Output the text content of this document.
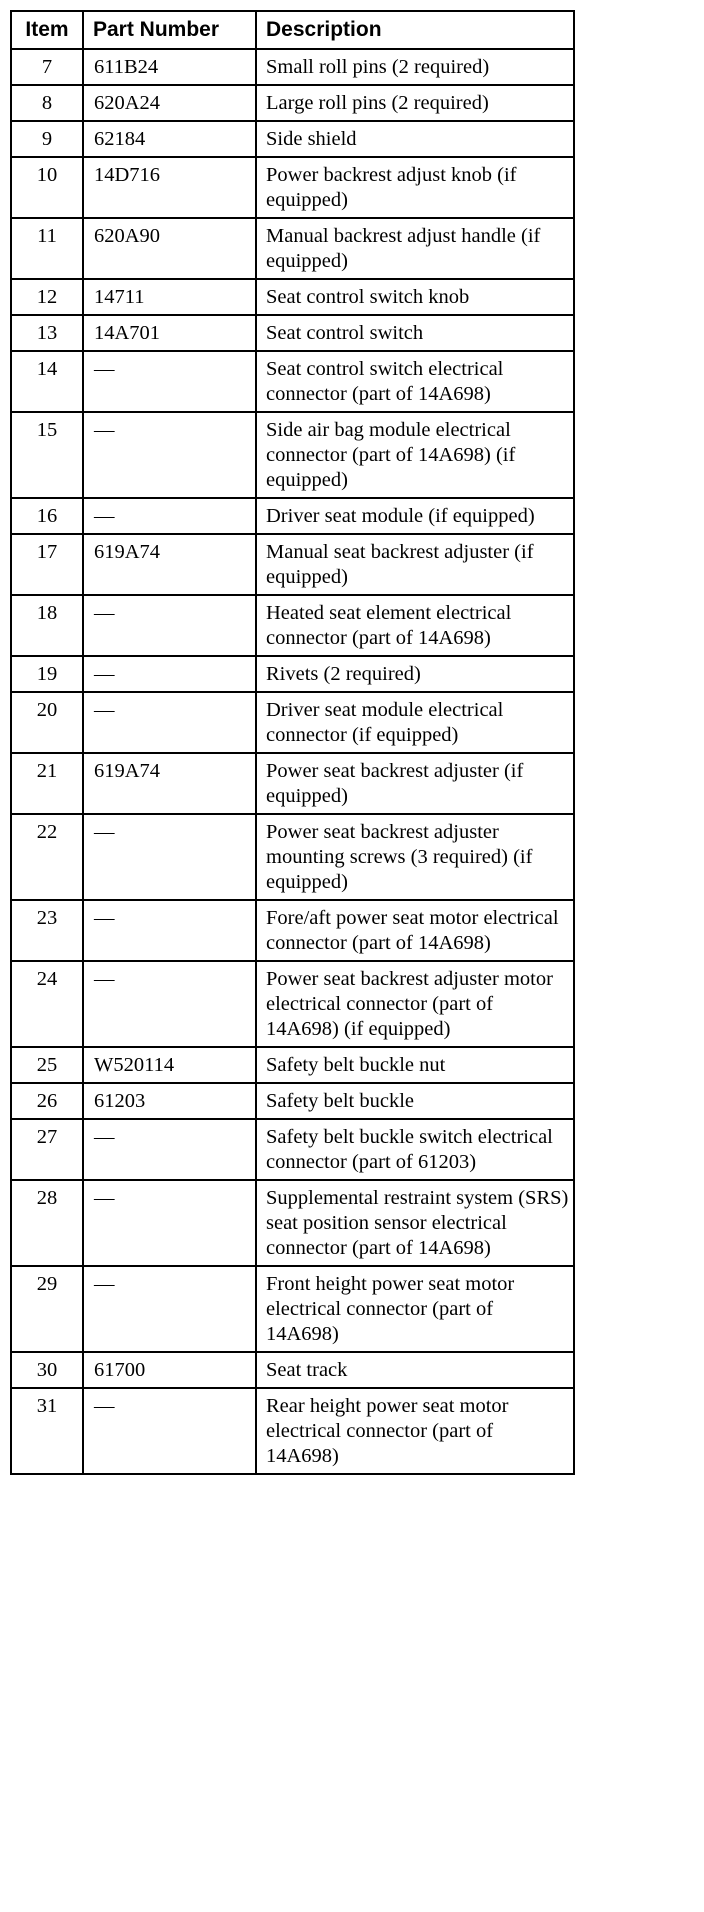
Item	Part Number	Description
7	611B24	Small roll pins (2 required)
8	620A24	Large roll pins (2 required)
9	62184	Side shield
10	14D716	Power backrest adjust knob (if equipped)
11	620A90	Manual backrest adjust handle (if equipped)
12	14711	Seat control switch knob
13	14A701	Seat control switch
14	—	Seat control switch electrical connector (part of 14A698)
15	—	Side air bag module electrical connector (part of 14A698) (if equipped)
16	—	Driver seat module (if equipped)
17	619A74	Manual seat backrest adjuster (if equipped)
18	—	Heated seat element electrical connector (part of 14A698)
19	—	Rivets (2 required)
20	—	Driver seat module electrical connector (if equipped)
21	619A74	Power seat backrest adjuster (if equipped)
22	—	Power seat backrest adjuster mounting screws (3 required) (if equipped)
23	—	Fore/aft power seat motor electrical connector (part of 14A698)
24	—	Power seat backrest adjuster motor electrical connector (part of 14A698) (if equipped)
25	W520114	Safety belt buckle nut
26	61203	Safety belt buckle
27	—	Safety belt buckle switch electrical connector (part of 61203)
28	—	Supplemental restraint system (SRS) seat position sensor electrical connector (part of 14A698)
29	—	Front height power seat motor electrical connector (part of 14A698)
30	61700	Seat track
31	—	Rear height power seat motor electrical connector (part of 14A698)
